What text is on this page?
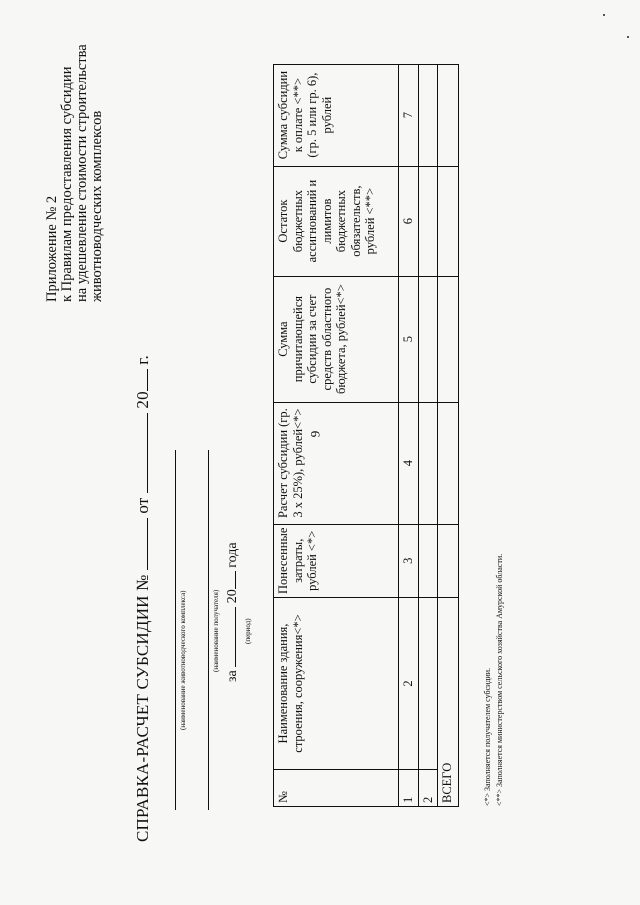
9
Приложение № 2 к Правилам предоставления субсидии на удешевление стоимости строительства животноводческих комплексов
СПРАВКА-РАСЧЕТ СУБСИДИИ №  от  20 г.
(наименование животноводческого комплекса)	(наименование получателя)
за  20 года
(период)
№	Наименование здания, строения, сооружения<*>	Понесенные затраты, рублей <*>	Расчет субсидии (гр. 3 x 25%), рублей<*>	Сумма причитающейся субсидии за счет средств областного бюджета, рублей<*>	Остаток бюджетных ассигнований и лимитов бюджетных обязательств, рублей <**>	Сумма субсидии к оплате <**> (гр. 5 или гр. 6), рублей
1	2	3	4	5	6	7
2						
ВСЕГО							<*> Заполняется получателем субсидии. <**> Заполняется министерством сельского хозяйства Амурской области.
